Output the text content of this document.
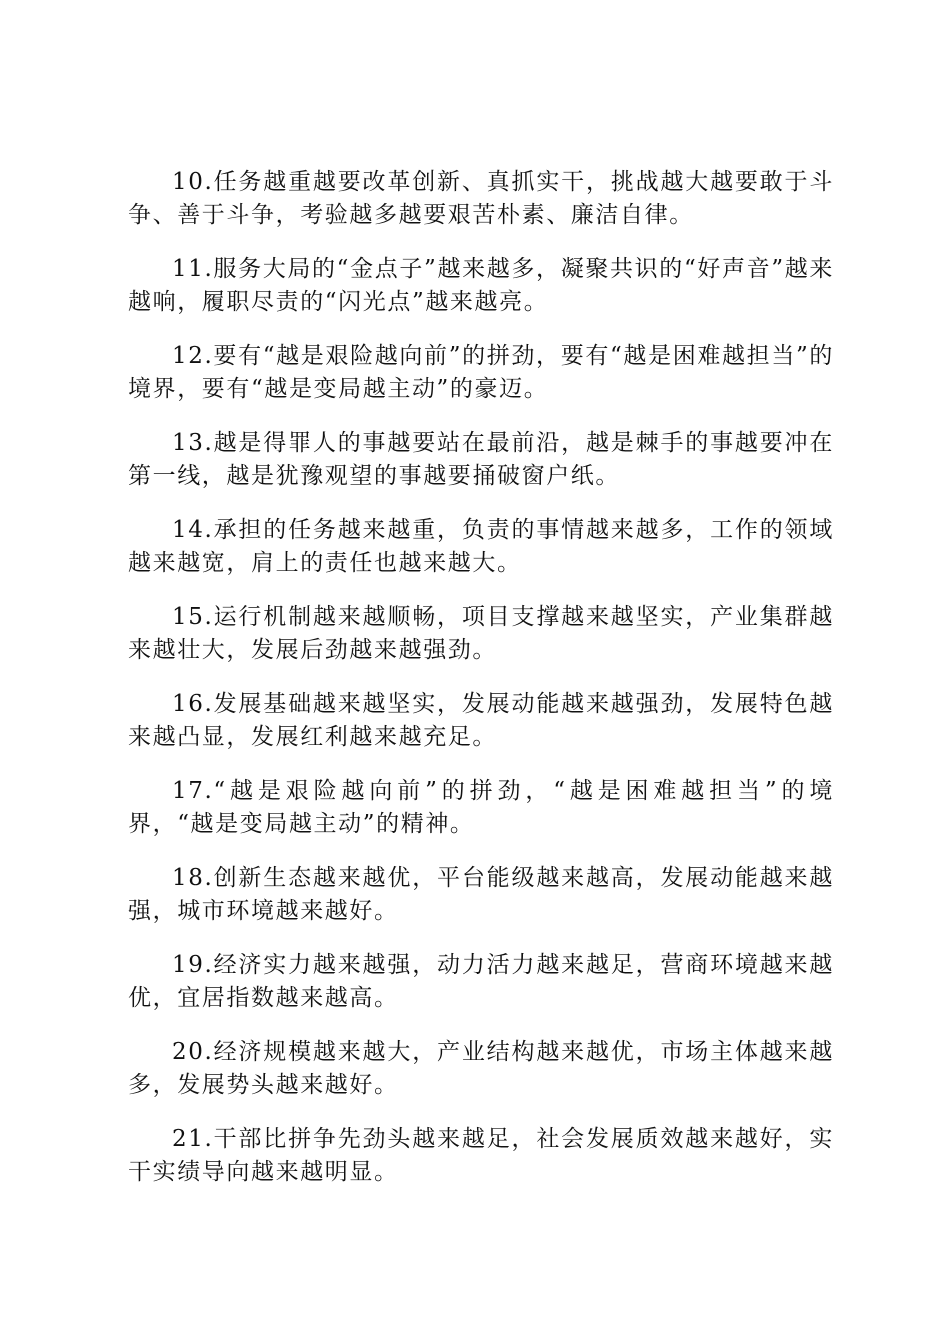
10.任务越重越要改革创新、真抓实干，挑战越大越要敢于斗争、善于斗争，考验越多越要艰苦朴素、廉洁自律。

11.服务大局的“金点子”越来越多，凝聚共识的“好声音”越来越响，履职尽责的“闪光点”越来越亮。

12.要有“越是艰险越向前”的拼劲，要有“越是困难越担当”的境界，要有“越是变局越主动”的豪迈。

13.越是得罪人的事越要站在最前沿，越是棘手的事越要冲在第一线，越是犹豫观望的事越要捅破窗户纸。

14.承担的任务越来越重，负责的事情越来越多，工作的领域越来越宽，肩上的责任也越来越大。

15.运行机制越来越顺畅，项目支撑越来越坚实，产业集群越来越壮大，发展后劲越来越强劲。

16.发展基础越来越坚实，发展动能越来越强劲，发展特色越来越凸显，发展红利越来越充足。

17.“越是艰险越向前”的拼劲，“越是困难越担当”的境界，“越是变局越主动”的精神。

18.创新生态越来越优，平台能级越来越高，发展动能越来越强，城市环境越来越好。

19.经济实力越来越强，动力活力越来越足，营商环境越来越优，宜居指数越来越高。

20.经济规模越来越大，产业结构越来越优，市场主体越来越多，发展势头越来越好。

21.干部比拼争先劲头越来越足，社会发展质效越来越好，实干实绩导向越来越明显。
